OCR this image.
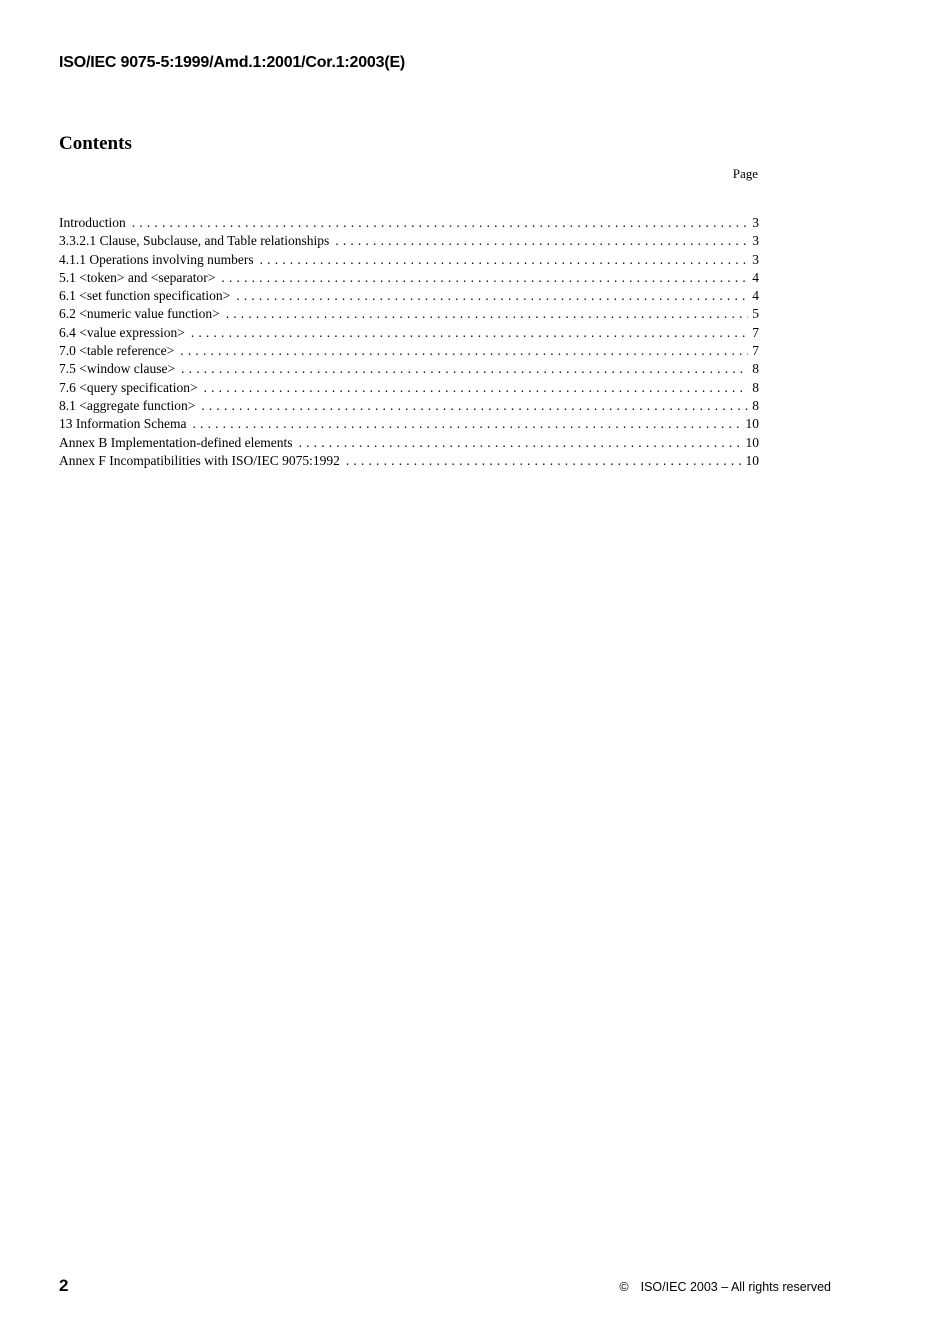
ISO/IEC 9075-5:1999/Amd.1:2001/Cor.1:2003(E)
Contents
Page
Introduction . . .	3
3.3.2.1 Clause, Subclause, and Table relationships . . .	3
4.1.1 Operations involving numbers . . .	3
5.1 <token> and <separator> . . .	4
6.1 <set function specification> . . .	4
6.2 <numeric value function> . . .	5
6.4 <value expression> . . .	7
7.0 <table reference> . . .	7
7.5 <window clause> . . .	8
7.6 <query specification> . . .	8
8.1 <aggregate function> . . .	8
13 Information Schema . . .	10
Annex B Implementation-defined elements . . .	10
Annex F Incompatibilities with ISO/IEC 9075:1992 . . .	10
2	© ISO/IEC 2003 – All rights reserved
